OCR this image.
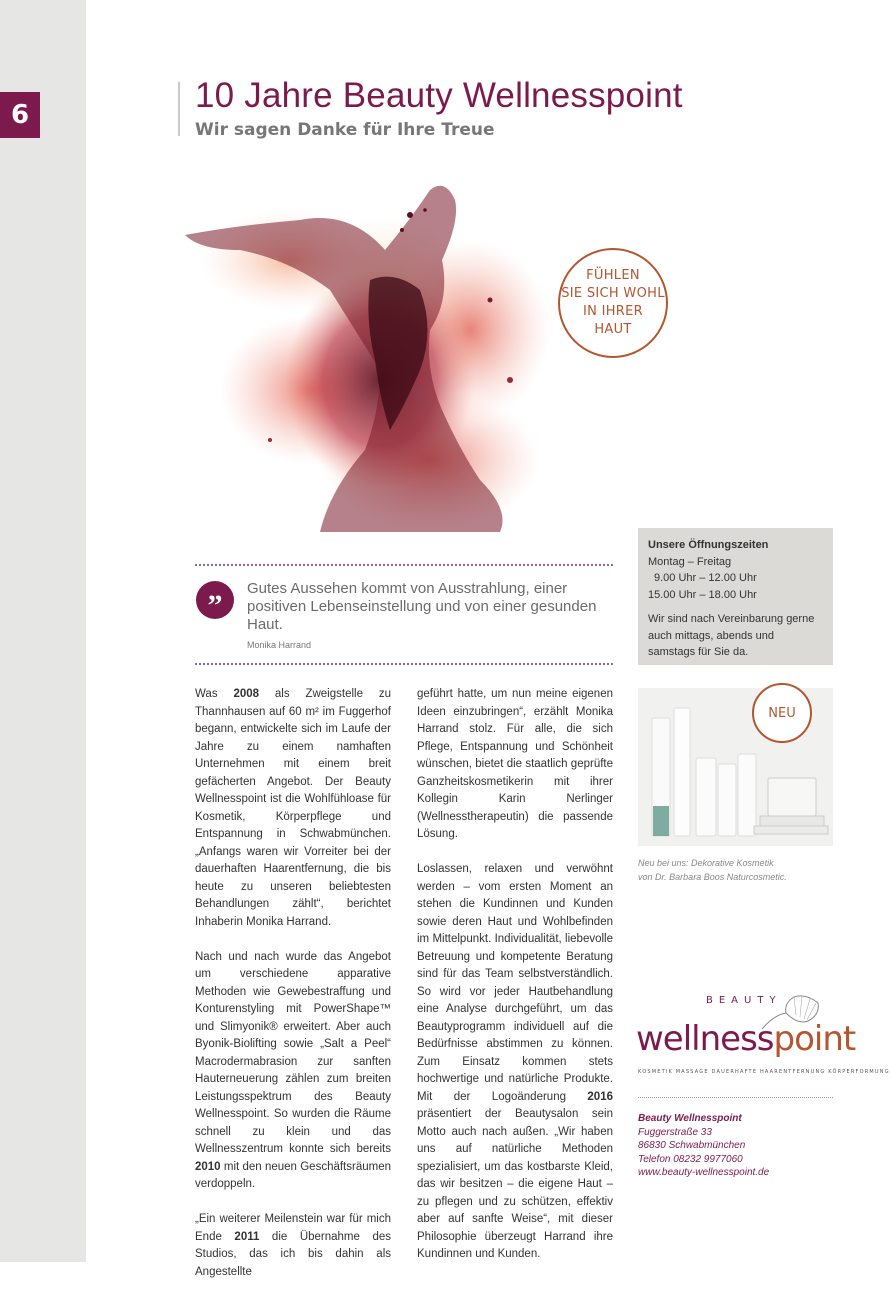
6	10 Jahre Beauty Wellnesspoint
Wir sagen Danke für Ihre Treue
FÜHLEN
SIE SICH WOHL
IN IHRER
HAUT

Unsere Öffnungszeiten

Montag – Freitag

9.00 Uhr – 12.00 Uhr

15.00 Uhr – 18.00 Uhr

Wir sind nach Vereinbarung gerne auch mittags, abends und samstags für Sie da.

”

Gutes Aussehen kommt von Ausstrahlung, einer positiven Lebenseinstellung und von einer gesunden Haut.

Monika Harrand

Was 2008 als Zweigstelle zu Thannhausen auf 60 m² im Fuggerhof begann, entwickelte sich im Laufe der Jahre zu einem namhaften Unternehmen mit einem breit gefächerten Angebot. Der Beauty Wellnesspoint ist die Wohlfühloase für Kosmetik, Körperpflege und Entspannung in Schwabmünchen. „Anfangs waren wir Vorreiter bei der dauerhaften Haarentfernung, die bis heute zu unseren beliebtesten Behandlungen zählt“, berichtet Inhaberin Monika Harrand.

Nach und nach wurde das Angebot um verschiedene apparative Methoden wie Gewebestraffung und Konturenstyling mit PowerShape™ und Slimyonik® erweitert. Aber auch Byonik-Biolifting sowie „Salt a Peel“ Macrodermabrasion zur sanften Hauterneuerung zählen zum breiten Leistungsspektrum des Beauty Wellnesspoint. So wurden die Räume schnell zu klein und das Wellnesszentrum konnte sich bereits 2010 mit den neuen Geschäftsräumen verdoppeln.

„Ein weiterer Meilenstein war für mich Ende 2011 die Übernahme des Studios, das ich bis dahin als Angestellte

geführt hatte, um nun meine eigenen Ideen einzubringen“, erzählt Monika Harrand stolz. Für alle, die sich Pflege, Entspannung und Schönheit wünschen, bietet die staatlich geprüfte Ganzheitskosmetikerin mit ihrer Kollegin Karin Nerlinger (Wellnesstherapeutin) die passende Lösung.

Loslassen, relaxen und verwöhnt werden – vom ersten Moment an stehen die Kundinnen und Kunden sowie deren Haut und Wohlbefinden im Mittelpunkt. Individualität, liebevolle Betreuung und kompetente Beratung sind für das Team selbstverständlich. So wird vor jeder Hautbehandlung eine Analyse durchgeführt, um das Beautyprogramm individuell auf die Bedürfnisse abstimmen zu können. Zum Einsatz kommen stets hochwertige und natürliche Produkte. Mit der Logoänderung 2016 präsentiert der Beautysalon sein Motto auch nach außen. „Wir haben uns auf natürliche Methoden spezialisiert, um das kostbarste Kleid, das wir besitzen – die eigene Haut – zu pflegen und zu schützen, effektiv aber auf sanfte Weise“, mit dieser Philosophie überzeugt Harrand ihre Kundinnen und Kunden.

NEU

Neu bei uns: Dekorative Kosmetik
von Dr. Barbara Boos Naturcosmetic.

BEAUTY
wellnesspoint
KOSMETIK MASSAGE DAUERHAFTE HAARENTFERNUNG KÖRPERFORMUNG
Beauty Wellnesspoint
Fuggerstraße 33
86830 Schwabmünchen
Telefon 08232 9977060
www.beauty-wellnesspoint.de
